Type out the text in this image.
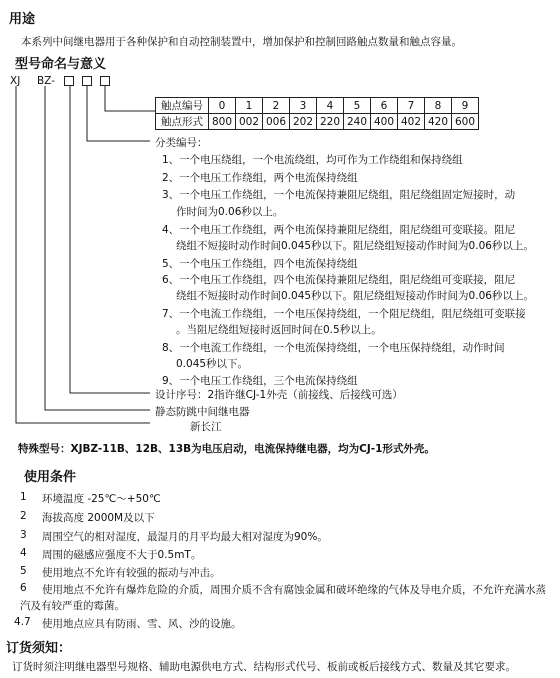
用途
本系列中间继电器用于各种保护和自动控制装置中，增加保护和控制回路触点数量和触点容量。
型号命名与意义
XJ BZ-
触点编号	0	1	2	3	4	5	6	7	8	9
触点形式	800	002	006	202	220	240	400	402	420	600
分类编号：
1、一个电压绕组，一个电流绕组，均可作为工作绕组和保持绕组
2、一个电压工作绕组，两个电流保持绕组
3、一个电压工作绕组，一个电流保持兼阻尼绕组，阻尼绕组固定短接时，动
作时间为0.06秒以上。
4、一个电压工作绕组，两个电流保持兼阻尼绕组，阻尼绕组可变联接。阻尼
绕组不短接时动作时间0.045秒以下。阻尼绕组短接动作时间为0.06秒以上。
5、一个电压工作绕组，四个电流保持绕组
6、一个电压工作绕组，四个电流保持兼阻尼绕组，阻尼绕组可变联接，阻尼
绕组不短接时动作时间0.045秒以下。阻尼绕组短接动作时间为0.06秒以上。
7、一个电流工作绕组，一个电压保持绕组，一个阻尼绕组，阻尼绕组可变联接
。当阻尼绕组短接时返回时间在0.5秒以上。
8、一个电流工作绕组，一个电流保持绕组，一个电压保持绕组，动作时间
0.045秒以下。
9、一个电压工作绕组，三个电流保持绕组
设计序号：2指许继CJ-1外壳（前接线、后接线可选）
静态防跳中间继电器
新长江
特殊型号：XJBZ-11B、12B、13B为电压启动，电流保持继电器，均为CJ-1形式外壳。
使用条件
1 环境温度 -25℃～+50℃
2 海拔高度 2000M及以下
3 周围空气的相对湿度，最湿月的月平均最大相对湿度为90%。
4 周围的磁感应强度不大于0.5mT。
5 使用地点不允许有较强的振动与冲击。
6 使用地点不允许有爆炸危险的介质，周围介质不含有腐蚀金属和破坏绝缘的气体及导电介质，不允许充满水蒸
汽及有较严重的霉菌。
4.7 使用地点应具有防雨、雪、风、沙的设施。
订货须知：
订货时须注明继电器型号规格、辅助电源供电方式、结构形式代号、板前或板后接线方式、数量及其它要求。
